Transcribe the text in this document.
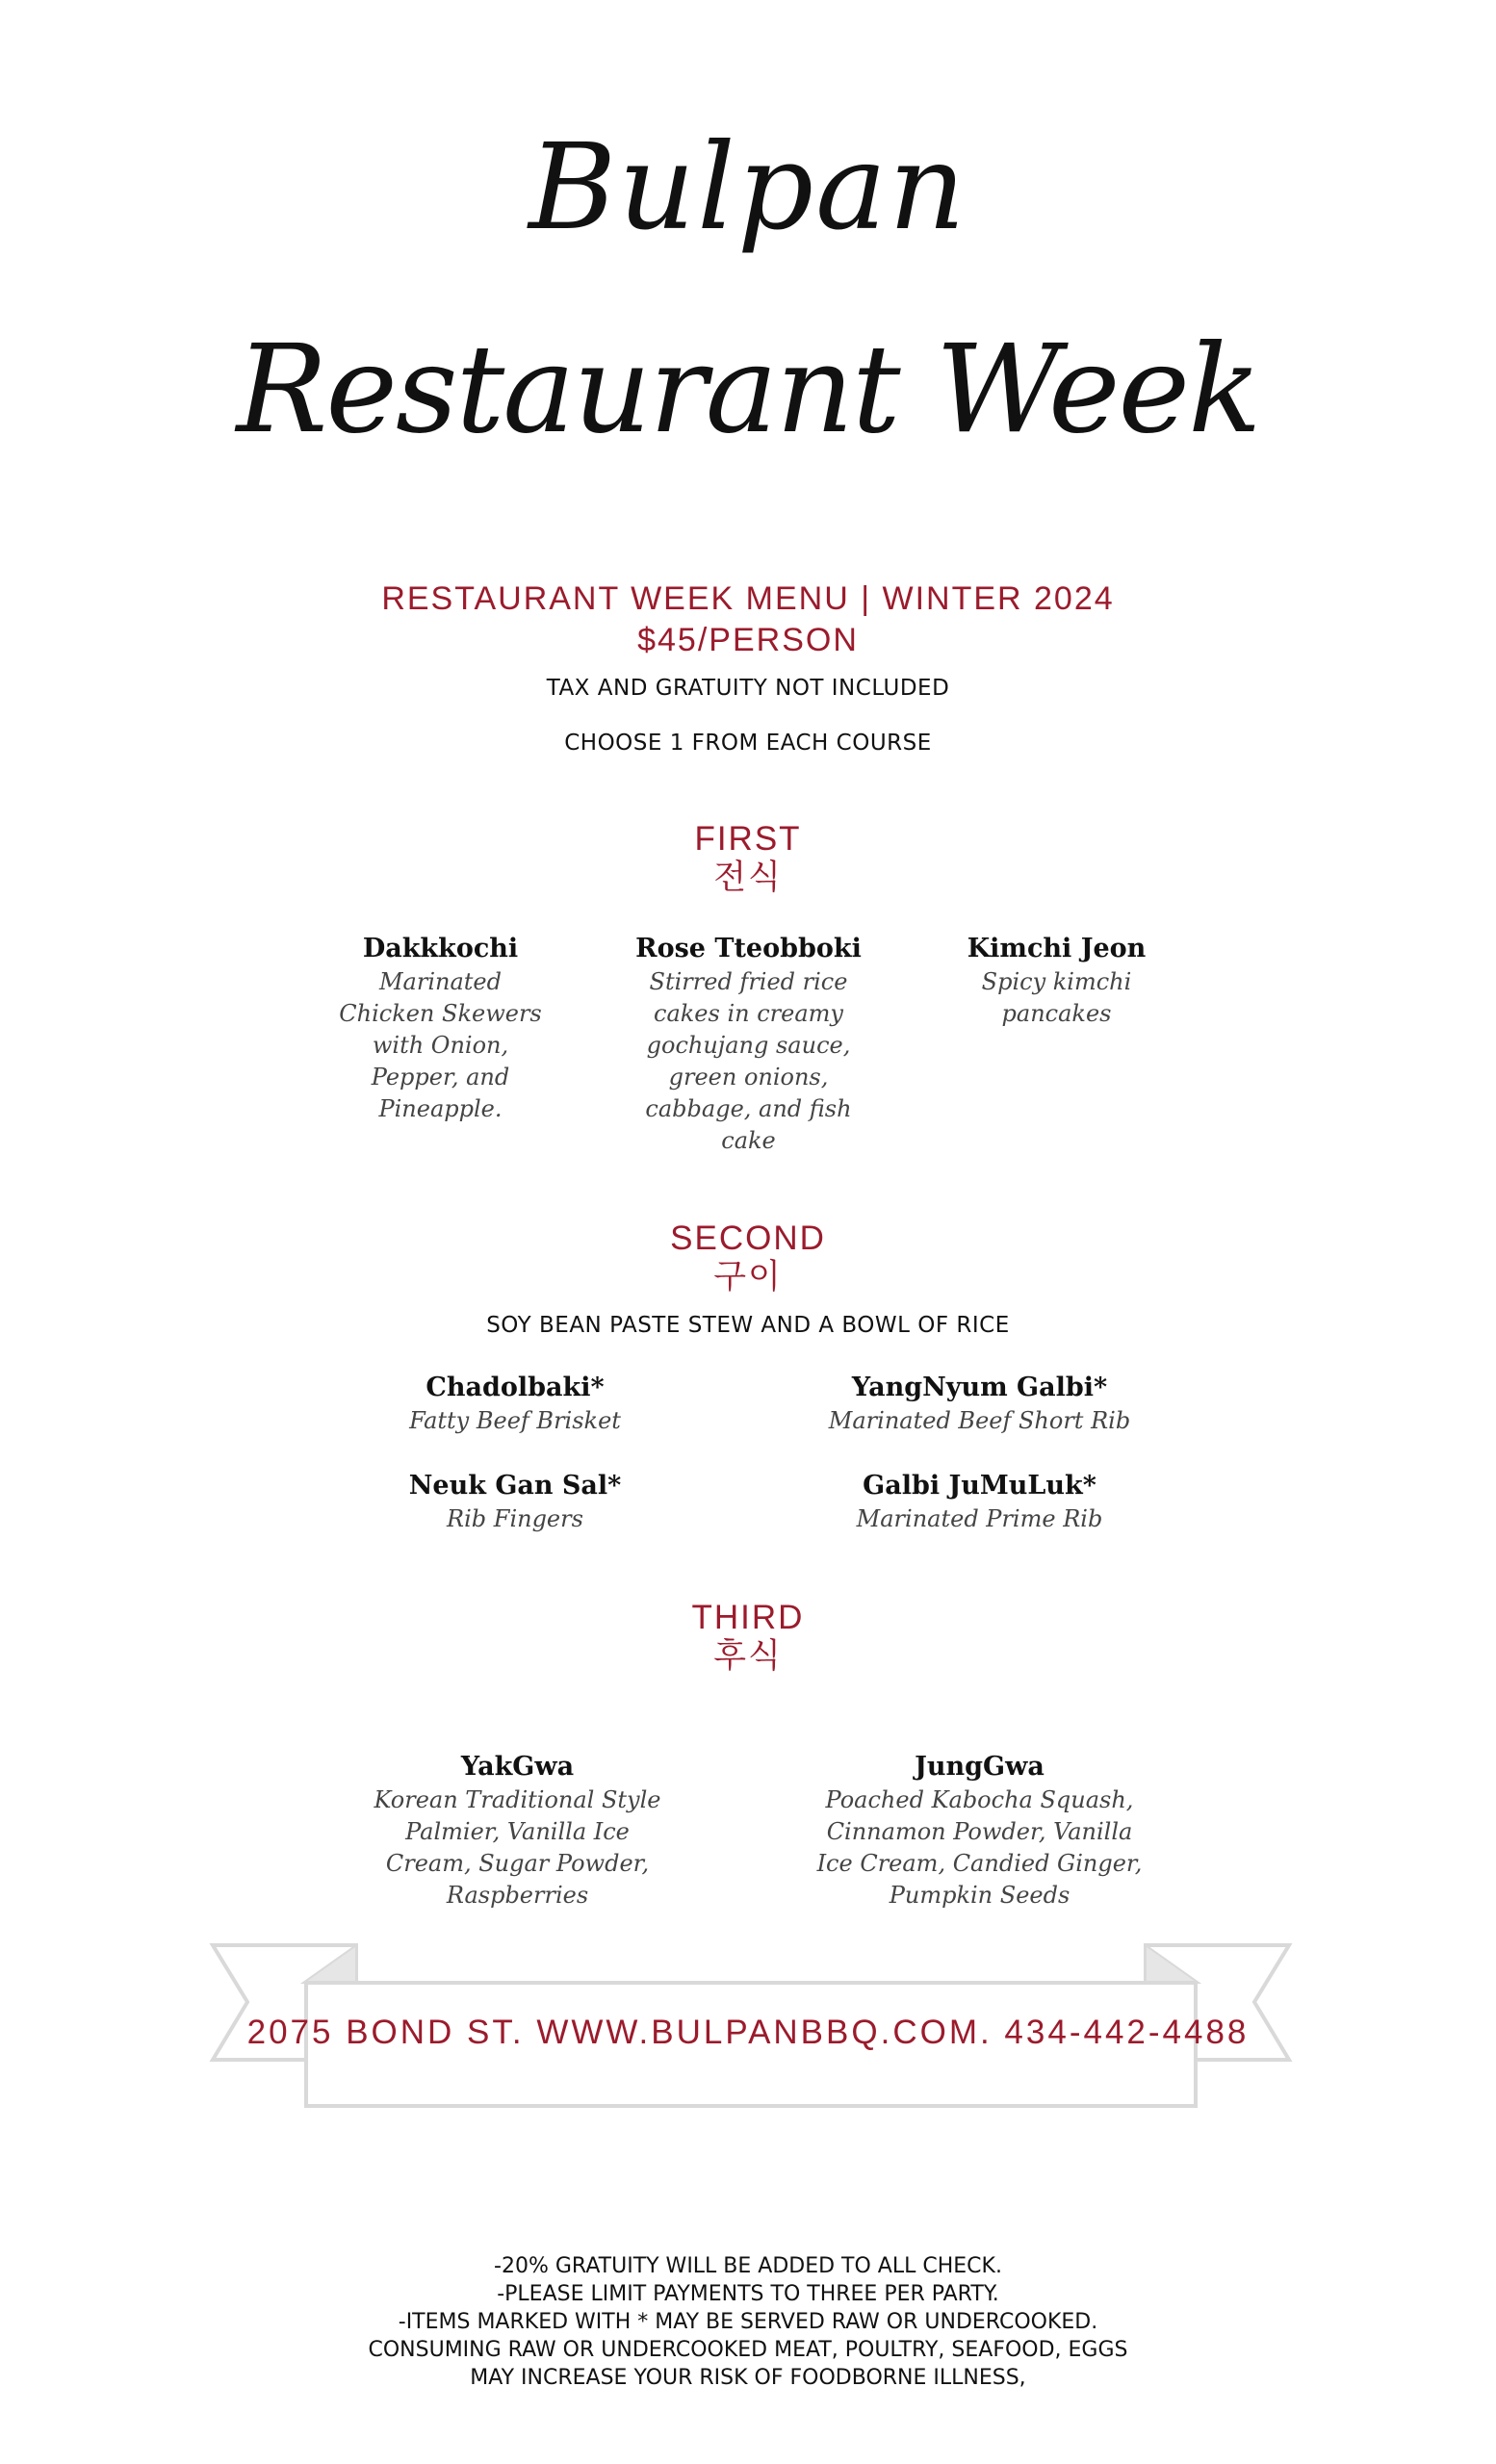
Bulpan
Restaurant Week
RESTAURANT WEEK MENU | WINTER 2024
$45/PERSON
TAX AND GRATUITY NOT INCLUDED
CHOOSE 1 FROM EACH COURSE
FIRST
전식
Dakkkochi
Marinated Chicken Skewers with Onion, Pepper, and Pineapple.
Rose Tteobboki
Stirred fried rice cakes in creamy gochujang sauce, green onions, cabbage, and fish cake
Kimchi Jeon
Spicy kimchi pancakes
SECOND
구이
SOY BEAN PASTE STEW AND A BOWL OF RICE
Chadolbaki*
Fatty Beef Brisket
YangNyum Galbi*
Marinated Beef Short Rib
Neuk Gan Sal*
Rib Fingers
Galbi JuMuLuk*
Marinated Prime Rib
THIRD
후식
YakGwa
Korean Traditional Style Palmier, Vanilla Ice Cream, Sugar Powder, Raspberries
JungGwa
Poached Kabocha Squash, Cinnamon Powder, Vanilla Ice Cream, Candied Ginger, Pumpkin Seeds
2075 BOND ST. WWW.BULPANBBQ.COM. 434-442-4488
-20% GRATUITY WILL BE ADDED TO ALL CHECK.
-PLEASE LIMIT PAYMENTS TO THREE PER PARTY.
-ITEMS MARKED WITH * MAY BE SERVED RAW OR UNDERCOOKED.
CONSUMING RAW OR UNDERCOOKED MEAT, POULTRY, SEAFOOD, EGGS
MAY INCREASE YOUR RISK OF FOODBORNE ILLNESS,
